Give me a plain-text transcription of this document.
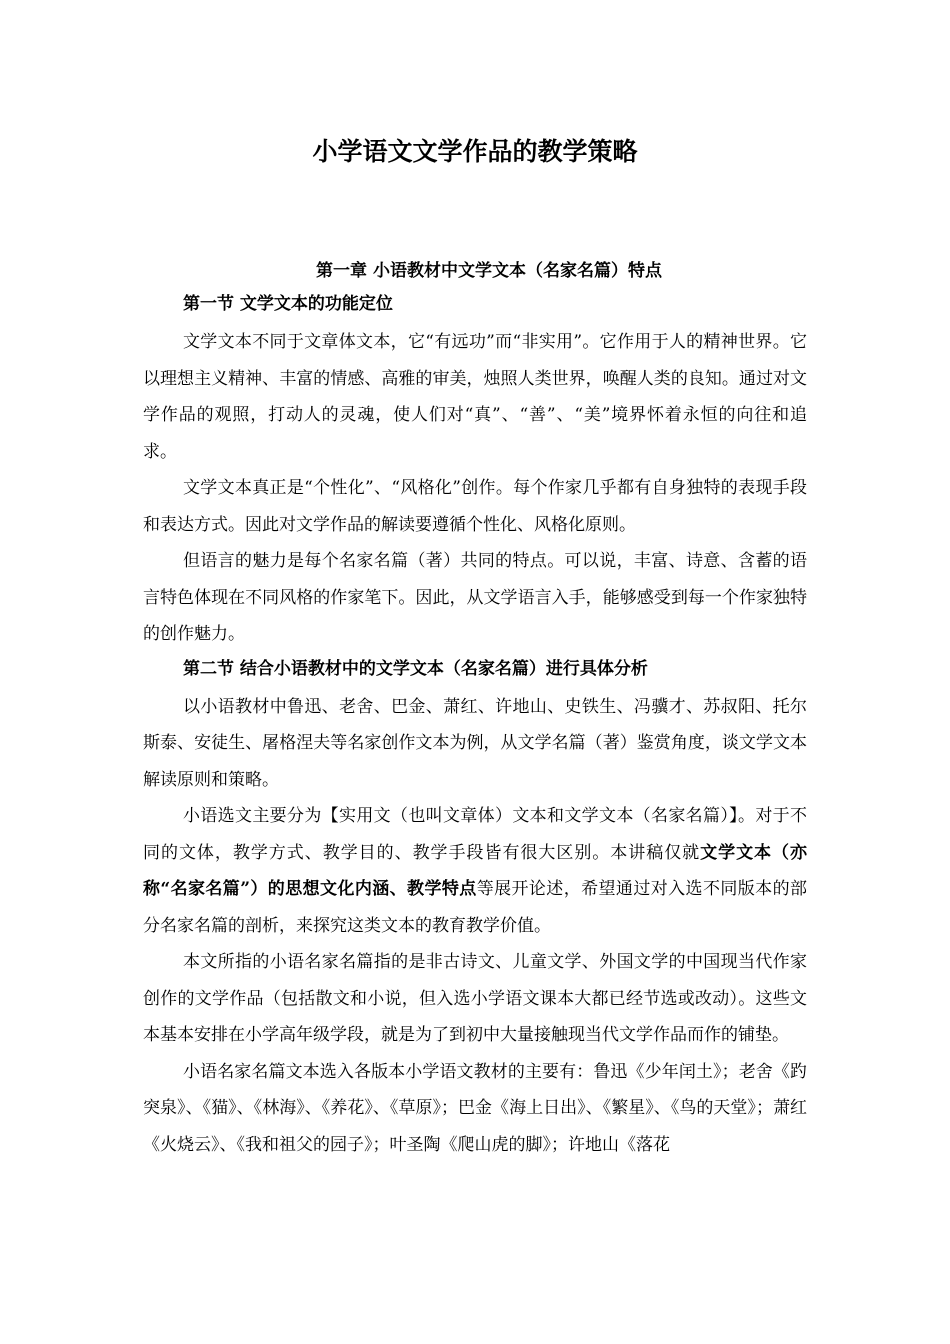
小学语文文学作品的教学策略
第一章 小语教材中文学文本（名家名篇）特点
第一节 文学文本的功能定位

文学文本不同于文章体文本，它“有远功”而“非实用”。它作用于人的精神世界。它以理想主义精神、丰富的情感、高雅的审美，烛照人类世界，唤醒人类的良知。通过对文学作品的观照，打动人的灵魂，使人们对“真”、“善”、“美”境界怀着永恒的向往和追求。

文学文本真正是“个性化”、“风格化”创作。每个作家几乎都有自身独特的表现手段和表达方式。因此对文学作品的解读要遵循个性化、风格化原则。

但语言的魅力是每个名家名篇（著）共同的特点。可以说，丰富、诗意、含蓄的语言特色体现在不同风格的作家笔下。因此，从文学语言入手，能够感受到每一个作家独特的创作魅力。

第二节 结合小语教材中的文学文本（名家名篇）进行具体分析

以小语教材中鲁迅、老舍、巴金、萧红、许地山、史铁生、冯骥才、苏叔阳、托尔斯泰、安徒生、屠格涅夫等名家创作文本为例，从文学名篇（著）鉴赏角度，谈文学文本解读原则和策略。

小语选文主要分为【实用文（也叫文章体）文本和文学文本（名家名篇）】。对于不同的文体，教学方式、教学目的、教学手段皆有很大区别。本讲稿仅就文学文本（亦称“名家名篇”）的思想文化内涵、教学特点等展开论述，希望通过对入选不同版本的部分名家名篇的剖析，来探究这类文本的教育教学价值。

本文所指的小语名家名篇指的是非古诗文、儿童文学、外国文学的中国现当代作家创作的文学作品（包括散文和小说，但入选小学语文课本大都已经节选或改动）。这些文本基本安排在小学高年级学段，就是为了到初中大量接触现当代文学作品而作的铺垫。

小语名家名篇文本选入各版本小学语文教材的主要有：鲁迅《少年闰土》；老舍《趵突泉》、《猫》、《林海》、《养花》、《草原》；巴金《海上日出》、《繁星》、《鸟的天堂》；萧红《火烧云》、《我和祖父的园子》；叶圣陶《爬山虎的脚》；许地山《落花
